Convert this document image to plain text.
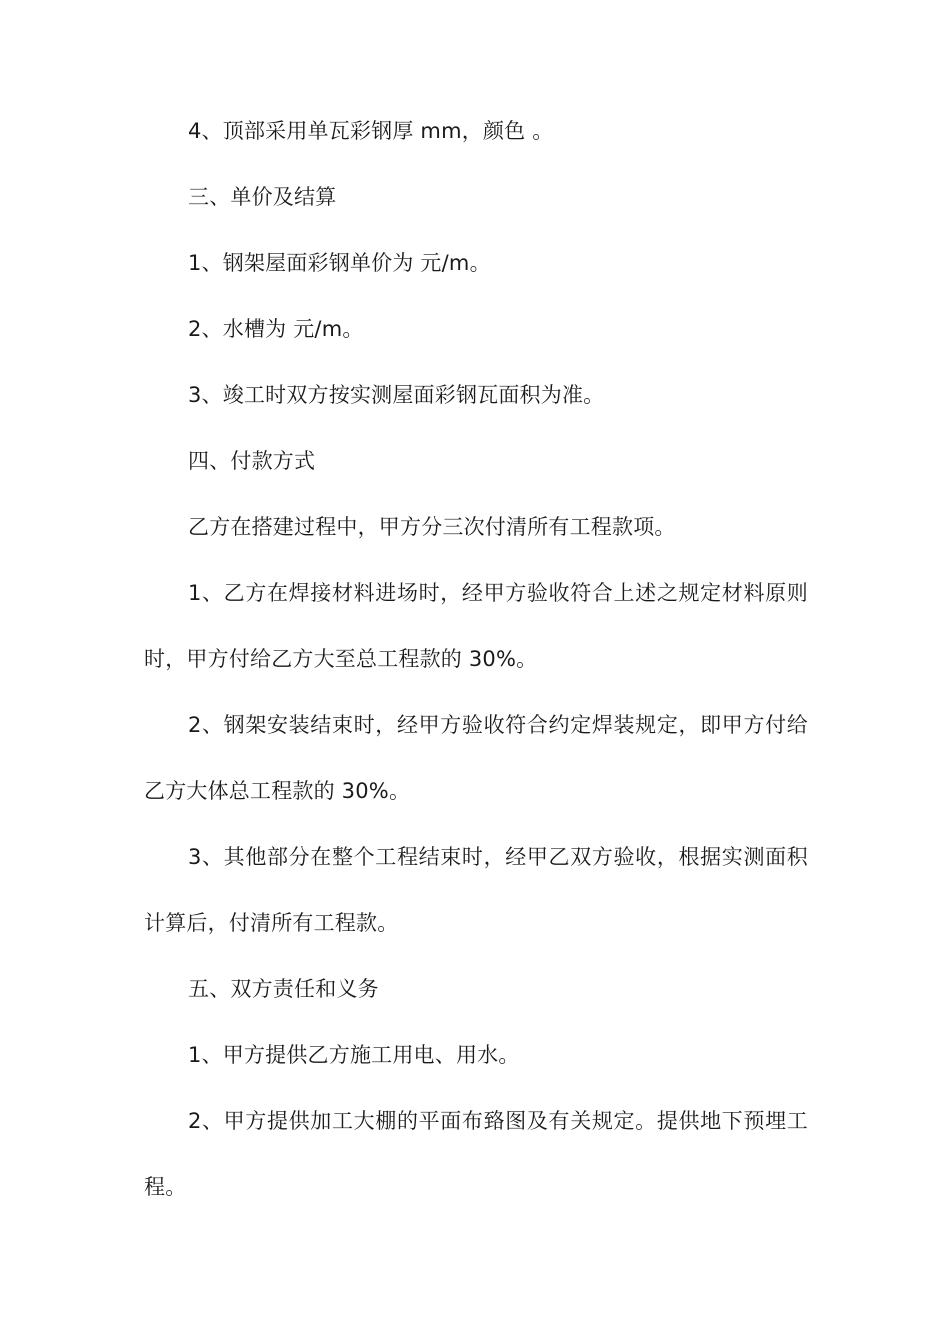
4、顶部采用单瓦彩钢厚 mm，颜色 。

三、单价及结算

1、钢架屋面彩钢单价为 元/m。

2、水槽为 元/m。

3、竣工时双方按实测屋面彩钢瓦面积为准。

四、付款方式

乙方在搭建过程中，甲方分三次付清所有工程款项。

1、乙方在焊接材料进场时，经甲方验收符合上述之规定材料原则时，甲方付给乙方大至总工程款的 30%。

2、钢架安装结束时，经甲方验收符合约定焊装规定，即甲方付给乙方大体总工程款的 30%。

3、其他部分在整个工程结束时，经甲乙双方验收，根据实测面积计算后，付清所有工程款。

五、双方责任和义务

1、甲方提供乙方施工用电、用水。

2、甲方提供加工大棚的平面布臵图及有关规定。提供地下预埋工程。
